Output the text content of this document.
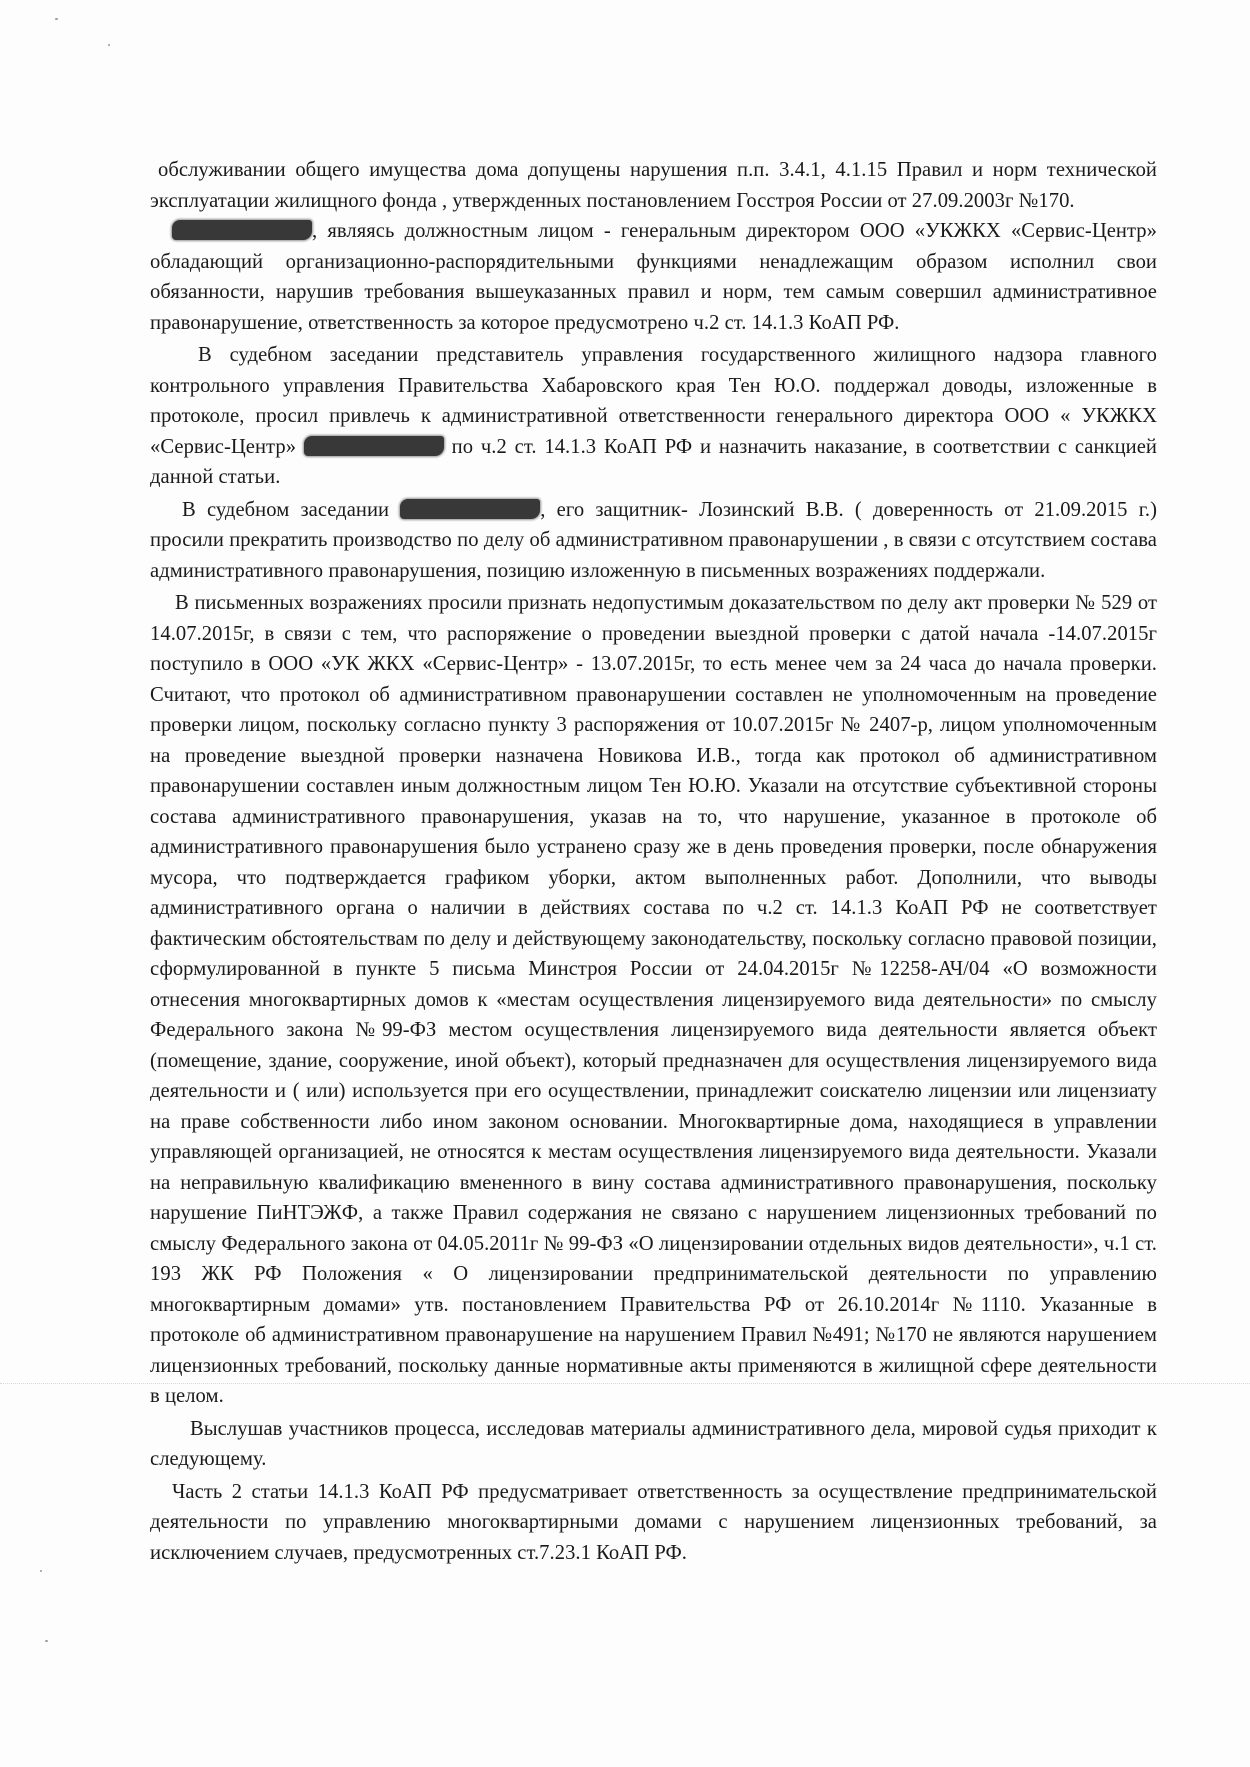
обслуживании общего имущества дома допущены нарушения п.п. 3.4.1, 4.1.15 Правил и норм технической эксплуатации жилищного фонда , утвержденных постановлением Госстроя России от 27.09.2003г №170.

, являясь должностным лицом - генеральным директором ООО «УКЖКХ «Сервис-Центр» обладающий организационно-распорядительными функциями ненадлежащим образом исполнил свои обязанности, нарушив требования вышеуказанных правил и норм, тем самым совершил административное правонарушение, ответственность за которое предусмотрено ч.2 ст. 14.1.3 КоАП РФ.

В судебном заседании представитель управления государственного жилищного надзора главного контрольного управления Правительства Хабаровского края Тен Ю.О. поддержал доводы, изложенные в протоколе, просил привлечь к административной ответственности генерального директора ООО « УКЖКХ «Сервис-Центр»	по ч.2 ст. 14.1.3 КоАП РФ и назначить наказание, в соответствии с санкцией данной статьи.

В судебном заседании	, его защитник- Лозинский В.В. ( доверенность от 21.09.2015 г.) просили прекратить производство по делу об административном правонарушении , в связи с отсутствием состава административного правонарушения, позицию изложенную в письменных возражениях поддержали.

В письменных возражениях просили признать недопустимым доказательством по делу акт проверки № 529 от 14.07.2015г, в связи с тем, что распоряжение о проведении выездной проверки с датой начала -14.07.2015г поступило в ООО «УК ЖКХ «Сервис-Центр» - 13.07.2015г, то есть менее чем за 24 часа до начала проверки. Считают, что протокол об административном правонарушении составлен не уполномоченным на проведение проверки лицом, поскольку согласно пункту 3 распоряжения от 10.07.2015г № 2407-р, лицом уполномоченным на проведение выездной проверки назначена Новикова И.В., тогда как протокол об административном правонарушении составлен иным должностным лицом Тен Ю.Ю. Указали на отсутствие субъективной стороны состава административного правонарушения, указав на то, что нарушение, указанное в протоколе об административного правонарушения было устранено сразу же в день проведения проверки, после обнаружения мусора, что подтверждается графиком уборки, актом выполненных работ. Дополнили, что выводы административного органа о наличии в действиях состава по ч.2 ст. 14.1.3 КоАП РФ не соответствует фактическим обстоятельствам по делу и действующему законодательству, поскольку согласно правовой позиции, сформулированной в пункте 5 письма Минстроя России от 24.04.2015г №12258-АЧ/04 «О возможности отнесения многоквартирных домов к «местам осуществления лицензируемого вида деятельности» по смыслу Федерального закона №99-ФЗ местом осуществления лицензируемого вида деятельности является объект (помещение, здание, сооружение, иной объект), который предназначен для осуществления лицензируемого вида деятельности и ( или) используется при его осуществлении, принадлежит соискателю лицензии или лицензиату на праве собственности либо ином законом основании. Многоквартирные дома, находящиеся в управлении управляющей организацией, не относятся к местам осуществления лицензируемого вида деятельности. Указали на неправильную квалификацию вмененного в вину состава административного правонарушения, поскольку нарушение ПиНТЭЖФ, а также Правил содержания не связано с нарушением лицензионных требований по смыслу Федерального закона от 04.05.2011г № 99-ФЗ «О лицензировании отдельных видов деятельности», ч.1 ст. 193 ЖК РФ Положения « О лицензировании предпринимательской деятельности по управлению многоквартирным домами» утв. постановлением Правительства РФ от 26.10.2014г №1110. Указанные в протоколе об административном правонарушение на нарушением Правил №491; №170 не являются нарушением лицензионных требований, поскольку данные нормативные акты применяются в жилищной сфере деятельности в целом.

Выслушав участников процесса, исследовав материалы административного дела, мировой судья приходит к следующему.

Часть 2 статьи 14.1.3 КоАП РФ предусматривает ответственность за осуществление предпринимательской деятельности по управлению многоквартирными домами с нарушением лицензионных требований, за исключением случаев, предусмотренных ст.7.23.1 КоАП РФ.
